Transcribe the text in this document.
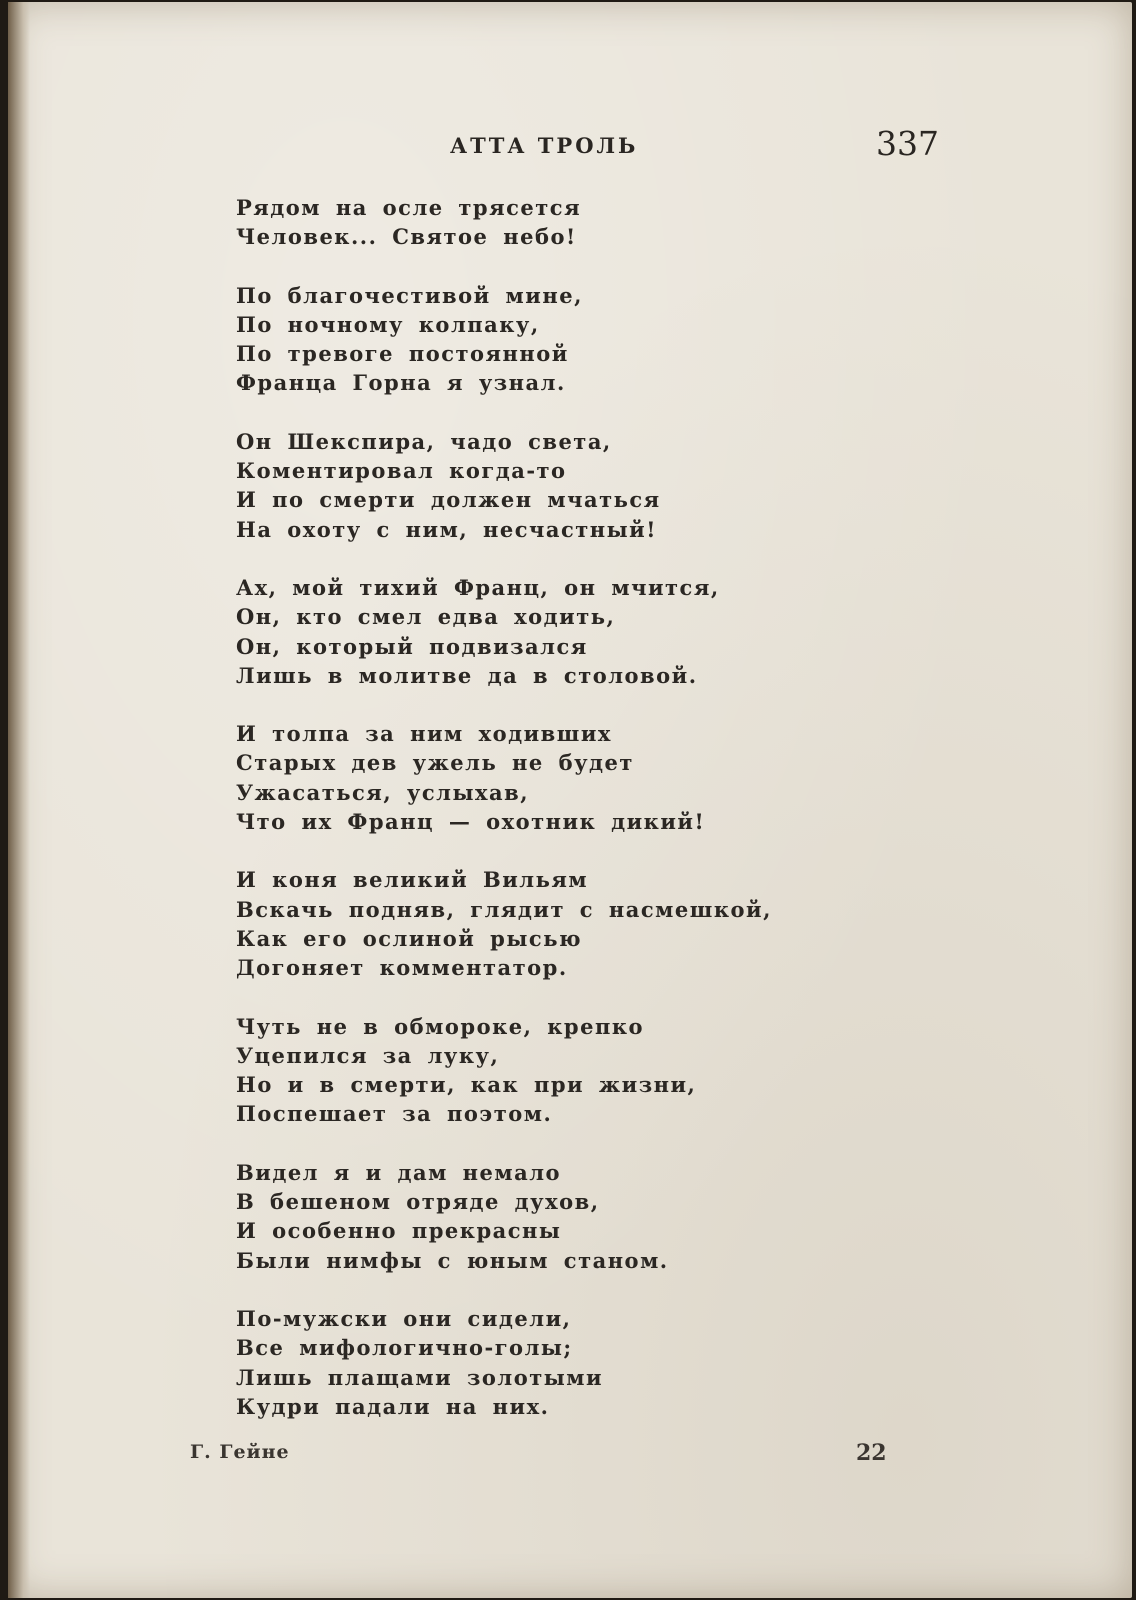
АТТА ТРОЛЬ	337
Рядом на осле трясется
Человек... Святое небо!
По благочестивой мине,
По ночному колпаку,
По тревоге постоянной
Франца Горна я узнал.
Он Шекспира, чадо света,
Коментировал когда-то
И по смерти должен мчаться
На охоту с ним, несчастный!
Ах, мой тихий Франц, он мчится,
Он, кто смел едва ходить,
Он, который подвизался
Лишь в молитве да в столовой.
И толпа за ним ходивших
Старых дев ужель не будет
Ужасаться, услыхав,
Что их Франц — охотник дикий!
И коня великий Вильям
Вскачь подняв, глядит с насмешкой,
Как его ослиной рысью
Догоняет комментатор.
Чуть не в обмороке, крепко
Уцепился за луку,
Но и в смерти, как при жизни,
Поспешает за поэтом.
Видел я и дам немало
В бешеном отряде духов,
И особенно прекрасны
Были нимфы с юным станом.
По-мужски они сидели,
Все мифологично-голы;
Лишь плащами золотыми
Кудри падали на них.
Г. Гейне	22
